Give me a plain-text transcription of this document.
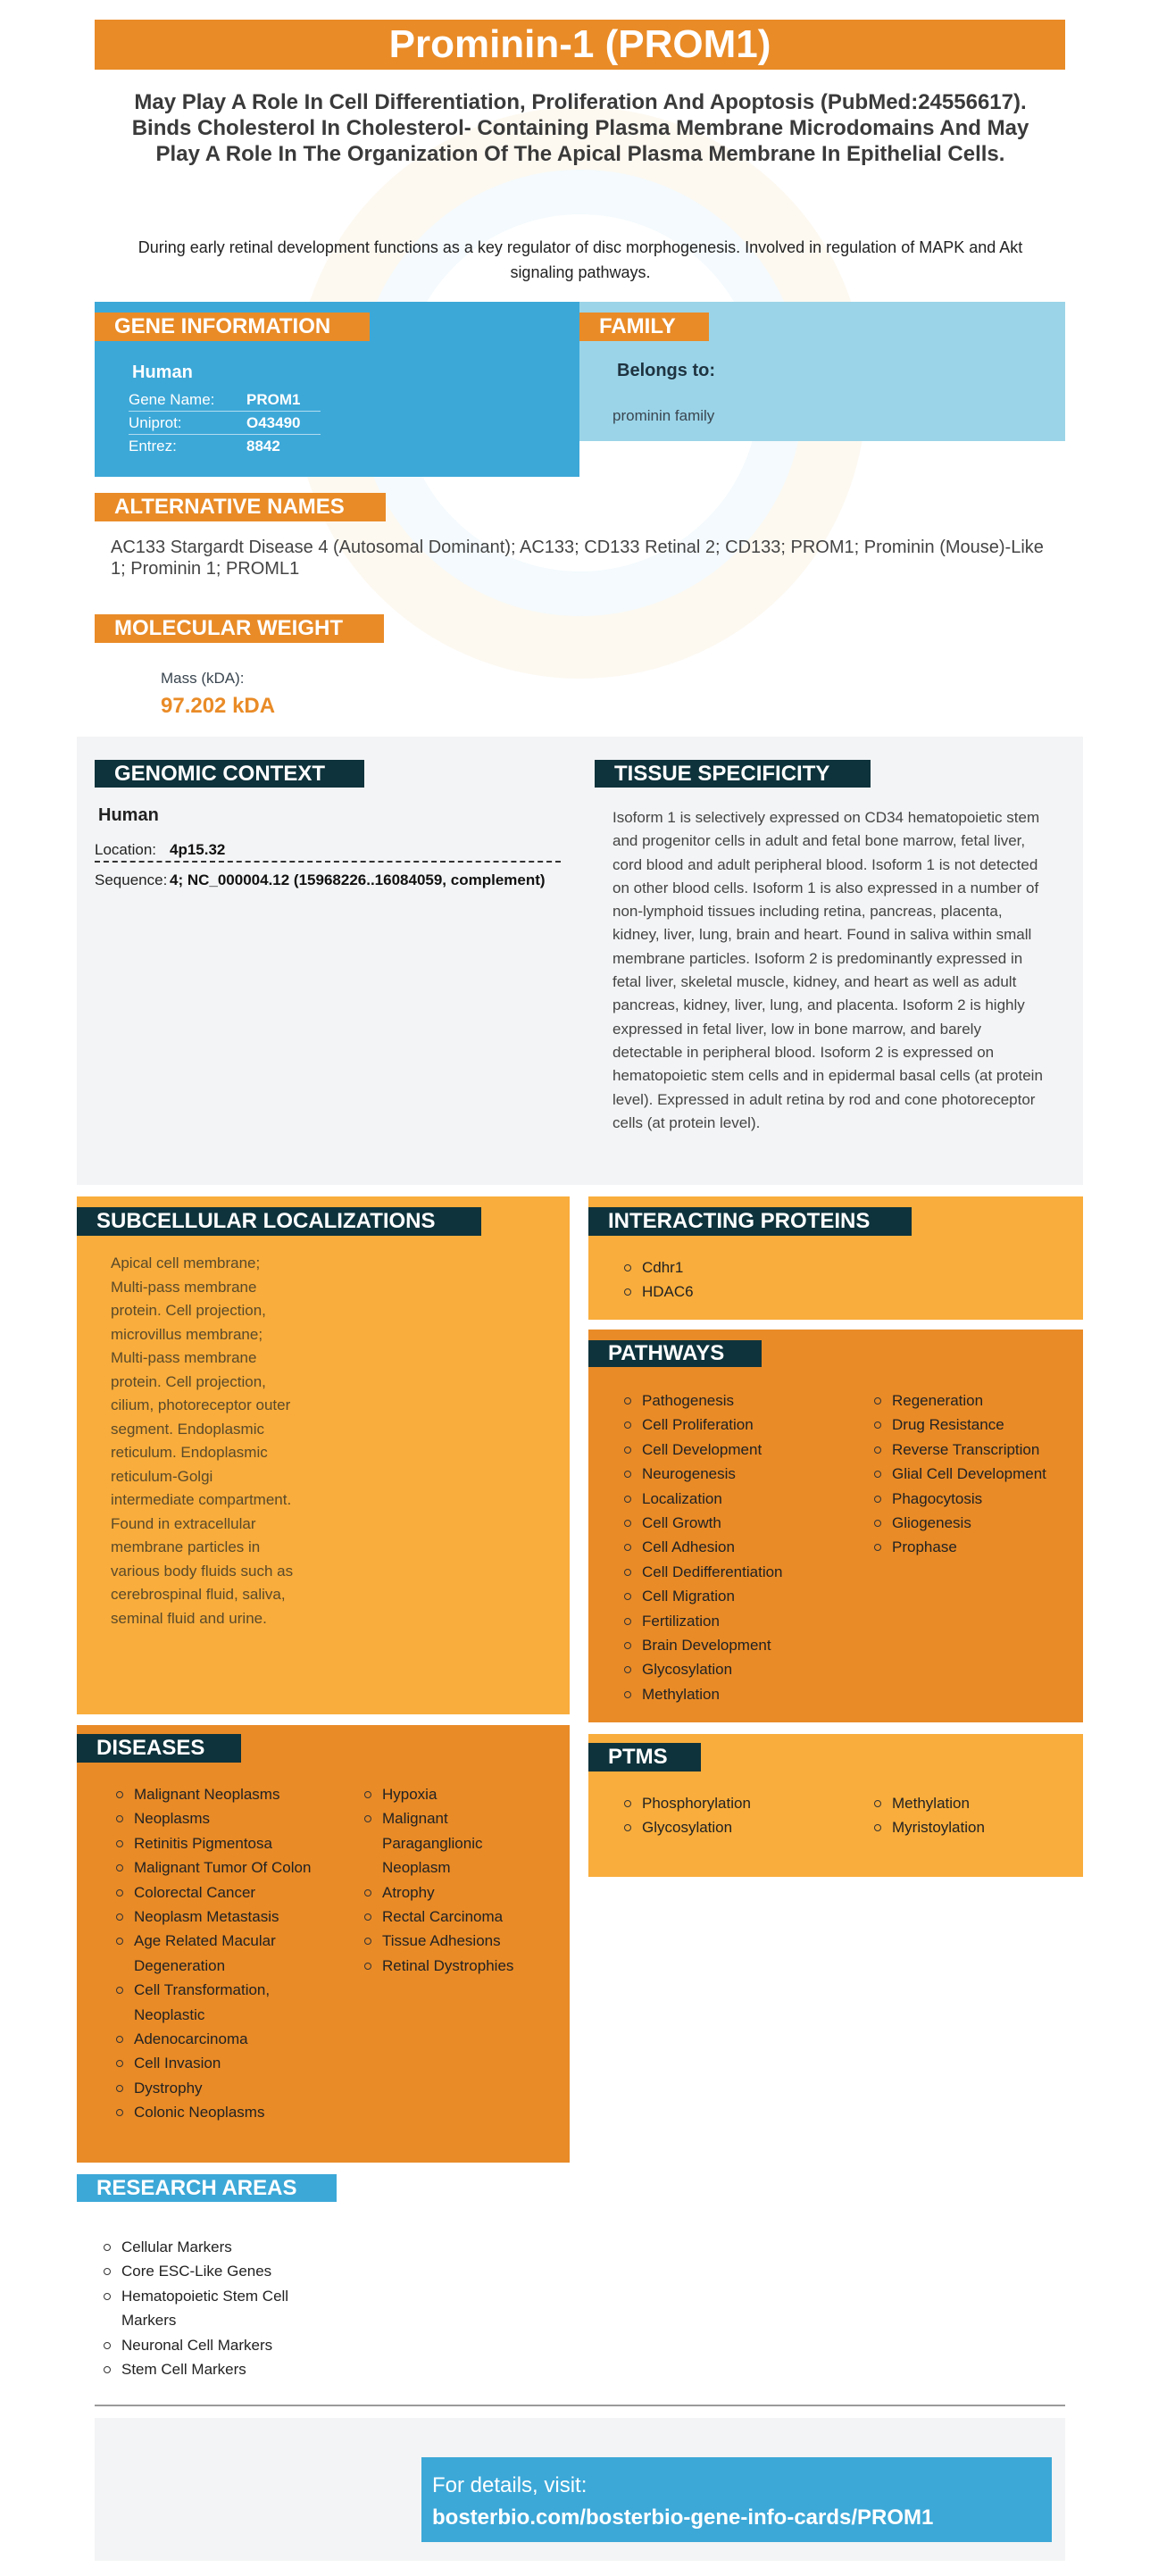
Prominin-1 (PROM1)
May Play A Role In Cell Differentiation, Proliferation And Apoptosis (PubMed:24556617). Binds Cholesterol In Cholesterol- Containing Plasma Membrane Microdomains And May Play A Role In The Organization Of The Apical Plasma Membrane In Epithelial Cells.
During early retinal development functions as a key regulator of disc morphogenesis. Involved in regulation of MAPK and Akt signaling pathways.
GENE INFORMATION
Human
Gene Name: PROM1
Uniprot:	O43490
Entrez:	8842
FAMILY
Belongs to:
prominin family
ALTERNATIVE NAMES
AC133 Stargardt Disease 4 (Autosomal Dominant); AC133; CD133 Retinal 2; CD133; PROM1; Prominin (Mouse)-Like 1; Prominin 1; PROML1
MOLECULAR WEIGHT
Mass (kDA):
97.202 kDA
GENOMIC CONTEXT
Human
Location: 4p15.32
Sequence: 4; NC_000004.12 (15968226..16084059, complement)
TISSUE SPECIFICITY
Isoform 1 is selectively expressed on CD34 hematopoietic stem and progenitor cells in adult and fetal bone marrow, fetal liver, cord blood and adult peripheral blood. Isoform 1 is not detected on other blood cells. Isoform 1 is also expressed in a number of non-lymphoid tissues including retina, pancreas, placenta, kidney, liver, lung, brain and heart. Found in saliva within small membrane particles. Isoform 2 is predominantly expressed in fetal liver, skeletal muscle, kidney, and heart as well as adult pancreas, kidney, liver, lung, and placenta. Isoform 2 is highly expressed in fetal liver, low in bone marrow, and barely detectable in peripheral blood. Isoform 2 is expressed on hematopoietic stem cells and in epidermal basal cells (at protein level). Expressed in adult retina by rod and cone photoreceptor cells (at protein level).
SUBCELLULAR LOCALIZATIONS
Apical cell membrane; Multi-pass membrane protein. Cell projection, microvillus membrane; Multi-pass membrane protein. Cell projection, cilium, photoreceptor outer segment. Endoplasmic reticulum. Endoplasmic reticulum-Golgi intermediate compartment. Found in extracellular membrane particles in various body fluids such as cerebrospinal fluid, saliva, seminal fluid and urine.
INTERACTING PROTEINS
Cdhr1
HDAC6
PATHWAYS
Pathogenesis
Cell Proliferation
Cell Development
Neurogenesis
Localization
Cell Growth
Cell Adhesion
Cell Dedifferentiation
Cell Migration
Fertilization
Brain Development
Glycosylation
Methylation
Regeneration
Drug Resistance
Reverse Transcription
Glial Cell Development
Phagocytosis
Gliogenesis
Prophase
DISEASES
Malignant Neoplasms
Neoplasms
Retinitis Pigmentosa
Malignant Tumor Of Colon
Colorectal Cancer
Neoplasm Metastasis
Age Related Macular Degeneration
Cell Transformation, Neoplastic
Adenocarcinoma
Cell Invasion
Dystrophy
Colonic Neoplasms
Hypoxia
Malignant Paraganglionic Neoplasm
Atrophy
Rectal Carcinoma
Tissue Adhesions
Retinal Dystrophies
PTMS
Phosphorylation
Glycosylation
Methylation
Myristoylation
RESEARCH AREAS
Cellular Markers
Core ESC-Like Genes
Hematopoietic Stem Cell Markers
Neuronal Cell Markers
Stem Cell Markers
For details, visit:
bosterbio.com/bosterbio-gene-info-cards/PROM1
